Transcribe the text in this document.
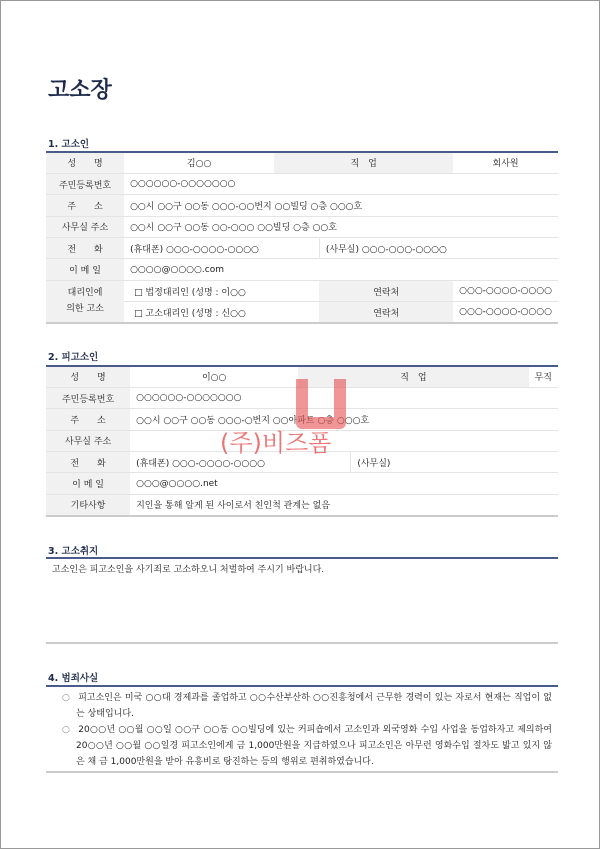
고소장
1. 고소인
성　　명	김○○	직　업		회사원
주민등록번호	○○○○○○-○○○○○○○			
주　　소	○○시 ○○구 ○○동 ○○○-○○번지 ○○빌딩 ○층 ○○○호			
사무실 주소	○○시 ○○구 ○○동 ○○-○○○ ○○빌딩 ○층 ○○호			
전　　화	(휴대폰) ○○○-○○○○-○○○○		(사무실) ○○○-○○○-○○○○	
이 메 일	○○○○@○○○○.com			
대리인에
의한 고소	□ 법정대리인 (성명 : 이○○		연락처	○○○-○○○○-○○○○
	□ 고소대리인 (성명 : 신○○		연락처	○○○-○○○○-○○○○
2. 피고소인
성　　명	이○○	직　업		무직
주민등록번호	○○○○○○-○○○○○○○			
주　　소	○○시 ○○구 ○○동 ○○○-○번지 ○○아파트 ○층 ○○○호			
사무실 주소				
전　　화	(휴대폰) ○○○-○○○○-○○○○		(사무실)	
이 메 일	○○○@○○○○.net			
기타사항	지인을 통해 알게 된 사이로서 친인척 관계는 없음			
3. 고소취지
고소인은 피고소인을 사기죄로 고소하오니 처벌하여 주시기 바랍니다.
4. 범죄사실
○ 피고소인은 미국 ○○대 경제과를 졸업하고 ○○수산부산하 ○○진흥청에서 근무한 경력이 있는 자로서 현재는 직업이 없는 상태입니다.
○ 20○○년 ○○월 ○○일 ○○구 ○○동 ○○빌딩에 있는 커피숍에서 고소인과 외국영화 수입 사업을 동업하자고 제의하여 20○○년 ○○월 ○○일경 피고소인에게 금 1,000만원을 지급하였으나 피고소인은 아무런 영화수입 절차도 밟고 있지 않은 채 금 1,000만원을 받아 유흥비로 탕진하는 등의 행위로 편취하였습니다.
(주)비즈폼
